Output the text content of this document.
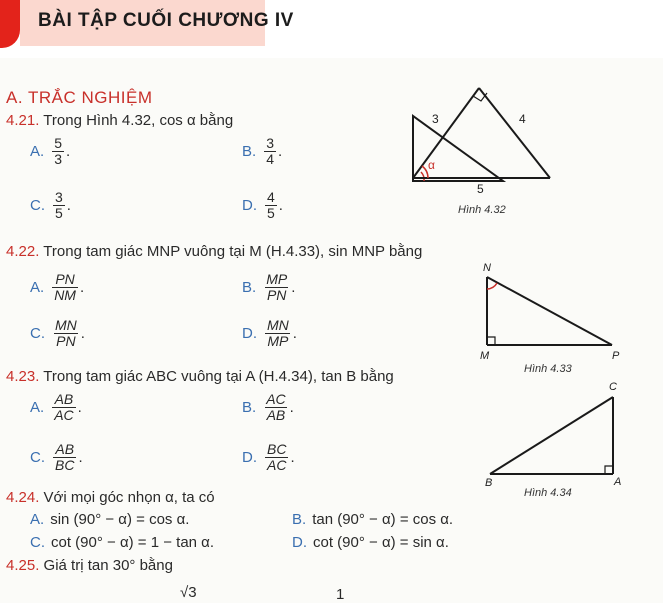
BÀI TẬP CUỐI CHƯƠNG IV
A. TRẮC NGHIỆM
4.21. Trong Hình 4.32, cos α bằng
A. $\frac{5}{3}$ .	B. $\frac{3}{4}$ .
C. $\frac{3}{5}$ .	D. $\frac{4}{5}$ .
3	4
α
5
Hình 4.32
4.22. Trong tam giác MNP vuông tại M (H.4.33), sin MNP bằng
A. $\frac{PN}{NM}$ .	B. $\frac{MP}{PN}$ .
C. $\frac{MN}{PN}$ .	D. $\frac{MN}{MP}$ .
N
M	P
Hình 4.33
4.23. Trong tam giác ABC vuông tại A (H.4.34), tan B bằng
A. $\frac{AB}{AC}$ .	B. $\frac{AC}{AB}$ .
C. $\frac{AB}{BC}$ .	D. $\frac{BC}{AC}$ .
C
B	A
Hình 4.34
4.24. Với mọi góc nhọn α, ta có
A. sin (90° − α) = cos α.	B. tan (90° − α) = cos α.
C. cot (90° − α) = 1 − tan α.	D. cot (90° − α) = sin α.
4.25. Giá trị tan 30° bằng
√3	1
